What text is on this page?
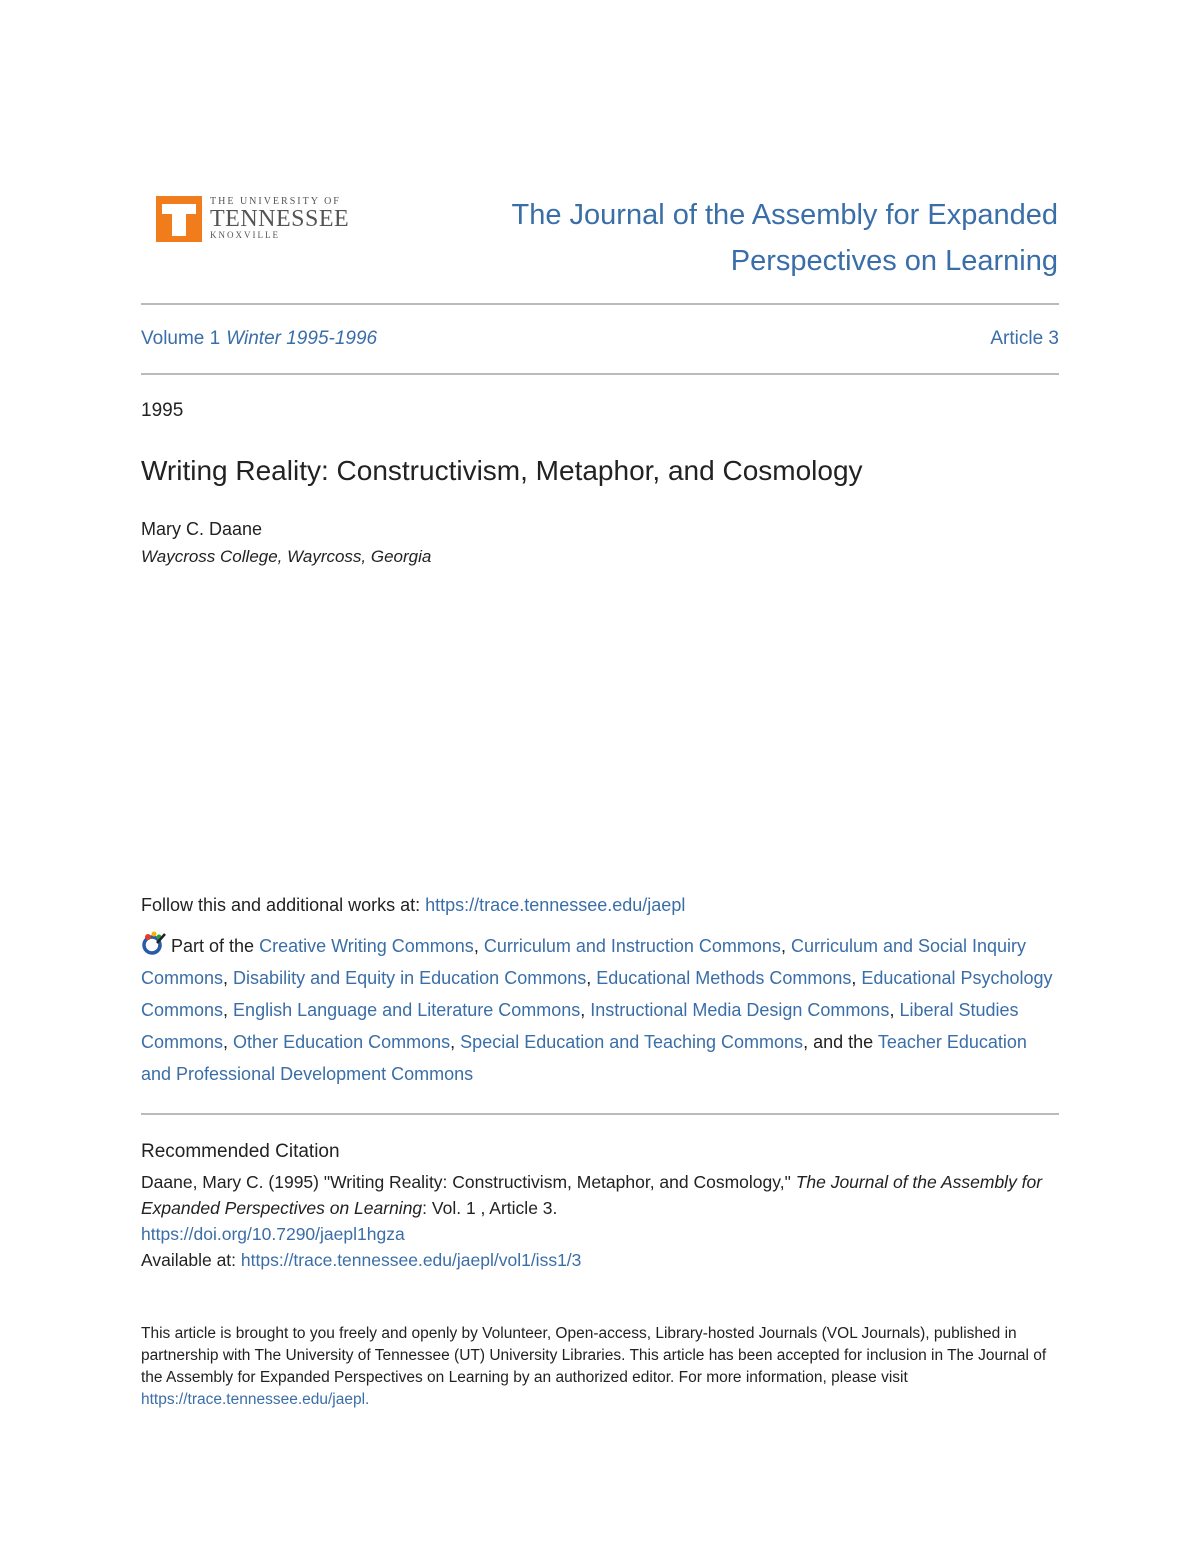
THE UNIVERSITY OF
TENNESSEE
KNOXVILLE
The Journal of the Assembly for Expanded
Perspectives on Learning
Volume 1 Winter 1995-1996	Article 3
1995
Writing Reality: Constructivism, Metaphor, and Cosmology
Mary C. Daane
Waycross College, Wayrcoss, Georgia
Follow this and additional works at: https://trace.tennessee.edu/jaepl
Part of the Creative Writing Commons, Curriculum and Instruction Commons, Curriculum and Social Inquiry Commons, Disability and Equity in Education Commons, Educational Methods Commons, Educational Psychology Commons, English Language and Literature Commons, Instructional Media Design Commons, Liberal Studies Commons, Other Education Commons, Special Education and Teaching Commons, and the Teacher Education and Professional Development Commons
Recommended Citation
Daane, Mary C. (1995) "Writing Reality: Constructivism, Metaphor, and Cosmology," The Journal of the Assembly for Expanded Perspectives on Learning: Vol. 1 , Article 3.
https://doi.org/10.7290/jaepl1hgza
Available at: https://trace.tennessee.edu/jaepl/vol1/iss1/3
This article is brought to you freely and openly by Volunteer, Open-access, Library-hosted Journals (VOL Journals), published in partnership with The University of Tennessee (UT) University Libraries. This article has been accepted for inclusion in The Journal of the Assembly for Expanded Perspectives on Learning by an authorized editor. For more information, please visit https://trace.tennessee.edu/jaepl.
